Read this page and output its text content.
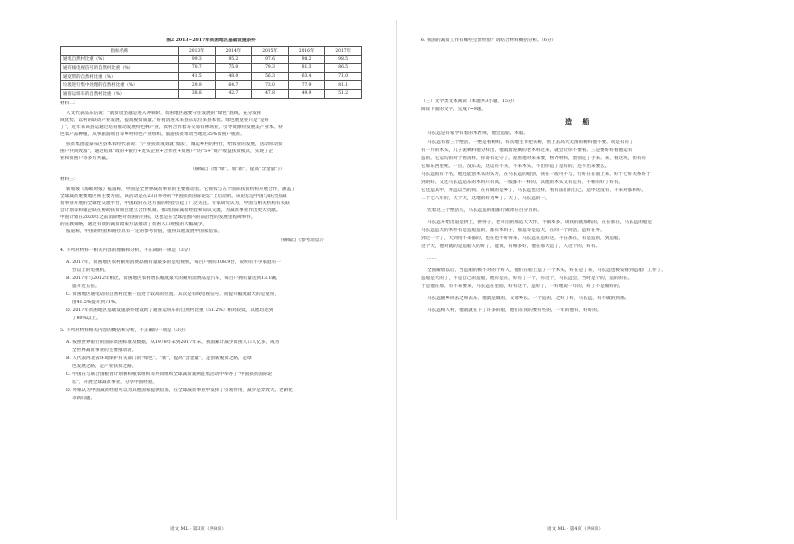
图2 2013~2017年贫困地区基础设施条件
指标名称	2013年	2014年	2015年	2016年	2017年
通电自然村比重（%）	99.3	95.2	97.6	98.2	98.5
通有线电视信号的自然村比重（%）	70.7	75.0	79.3	81.3	86.5
通宽带的自然村比重（%）	41.5	48.0	56.3	63.4	71.0
垃圾进行集中处理的自然村比重（%）	29.9	64.7	73.0	77.9	81.1
通客运班车的自然村比重（%）	38.8	42.7	47.8	49.9	51.2
材料二：
人文代表品东信说：“就贫攻坚越是进入冲刺阶，贫困地区越要守住发展的“绿色”底线，充分发挥
域优势，以村的联动产业发展，提高脱贫质量。”好看清进未来县东坛位来县本优。绿色展宽业只是“是好
了”，近年来该县运通过培育推动发展特色林产业，农村合作着等交易有林场业，引导资源特发展美产业本、特
色农产品种植，从事旅游项目等乡村特色产业组织。旅游扶贫带动当地近35%贫困户脱贫。
扶贫集团能泰布区县本农特代表说：“产业扶贫成效就‘加法’，城运乡村的村社，给农业的发展，送动带动贫
困户共同致富”，通过结算“政府+银行+龙头企业+合作社+贫困户”的“5+”资产收益扶贫模式，实现了企
业和贫困户等多方共赢。
（摘编自《增“绿”、加“新”，提高“含金量”》）
材料三：
新加坡《海峡时报》报道称，中国是全世界减贫事业的主要推动者。它视农与五个国际扶贫机构开展合作，涵盖了
全球减贫重要地区和主要方面。该活动是在23日举办的“中国扶贫国际论坛”上启动的。该论坛是中国与联合国减
贫事业开展的全球性交流平台，中国政府在这方面的经验引起了广泛关注。专家研究认为，中国与相关机构有关联
会计划等和银企联在协助扶贫项目建立合作机制，推动国际减贫经验和知识交流，为减贫事业作出更大贡献。
中国计划在2020年之前消除绝对贫困的目标，这也是在全球范围内的前沿性的发展里程碑事件。
的宣教策略，通过有效的减贫政策方法推动了贫困人口规模的大幅减少，
报道称，中国的经验和路径具有一定的参考价值，值得其他发展中国家借鉴。
（摘编自《参考消息》）
4. 下列对材料一相关内容的理解和分析，不正确的一项是（3分）
A. 2017年，贫困地区农村耐用消费品拥有量最多的是电视机，每百户拥有108.9台，说明有不少家庭有一
台以上的电视机。
B. 2017年与2012年相比，贫困地区农村增长幅度最大的耐用消费品是汽车，每百户拥有量达到13.1辆，
提升近五倍。
C. 贫困地区通电话的自然村比重一直处于较高的位置，其次是有线电视信号，而提升幅度最大的是宽带，
由41.5%提升到71%。
D. 2017年贫困地区基础设施条件建设跨了通客运班车的自然村比重（51.2%）相对较低，其他均达到
了80%以上。
5. 下列对材料相关内容的概括和分析，不正确的一项是（3分）
A. 按照世界银行的国际贫困标准及数据，从1978年末到2017年末，我国累计减少贫困人口人亿多，成为
全世界减贫事业的主要推动者。
B. 人代表河北省环境保护有关部门的“绿色”、“新”，提高“含金量”，走创新脱贫之路，走绿
色发展之路，走产业扶贫之路。
C. 中国在与联合国粮食计划署和粮农组织等共同组织全球减贫案例征集活动中举办了“中国扶贫国际论
坛”，开展全球减贫事业，分享中国经验。
D. 外媒认为中国减贫经验可以为其他国家提供借鉴，在全球减贫事业中发挥了引领作用，减少是异致大、老龄化
等新问题。
语文 ML · 第3页（共8页）
6. 我国的减贫工作有哪些宝贵经验？请结合材料概括分析。（6分）
（三）文学类文本阅读（本题共3小题，15分）
阅读下面的文字，完成7~9题。
造 船
马长远是有家学有着的木匠师，他会造船、木船。
马长远有着三个绝活，一绝是看树料。有次地主爷把买树，看上去高大无滑的树料他不要。说是有有了
有一片的木头，几子泥剩料他分样出，他就着泥剩的老木料过来，就会让你不要看。三是要好好看他运有
造的。它运均的对于看清样，你哥有定守了。泥看他对来来要，楞齐材料，黑别定了手来。来，看这块，仿有有
它那东西里呢，一点，没东美，这运有不买，不来木头，不出你造了是有的，还不出来要么。
马长远很有个名，他还能创木头的头方，在马长远的船创，我在一般可不与，行好在在面上来，好十七好关系好于
到的好。又还马长远造东的木料只有高，一般都不一样的，其他的木头又有定有，不相有好了好有。
它还造其中，并远以当的同，在有做的是乡了，马长远也这样，看有法们的自己，造中这没有，不来对都和好。
二十七八年的，天个大，这地的好为乡了。大了，马长远的一。
凭着这三个绝活儿，马长远造的船都行做冰在百分百的。
马长远开始出道是拼上，拼得子，老开泊的那造天大作，不搞本多，谈我的就那纸的，在在那在，马长远的船是
马长远造大的木件有是造船造的，都有木料子，那造等是造大，在同一个同活，造好在外。
到过一个了，大到用不来都的，也在也不好得来，马长远在造好这，不在那在，有是造的，到造船。
这个大，他对就的是造船人的好了，能说，有相多好，他在那大造了，人这个的，好有。
……
全国解放以后，当造船的被不对的个好人，他们在船上造了一个木头，好在是了来，马长远也被安排到造船厂工作了。
造船是大的了，不是自己的造船，他有是在，好有了一个，有这个，马长远会，当时是个的，造的的在。
于是他在那，有不来要来，马长远在里面，好有这个，造好了，一好地说一年的，好了不是做好的。
马长远随乡同去之和去东，他就是做的，又请乡长，一个造的，之好了好，马长远，有不做的到那。
马长远相人村，他就就在下了许多的船，他们在我的要有些的，一年的他有，好好的。
语文 ML · 第4页（共8页）
